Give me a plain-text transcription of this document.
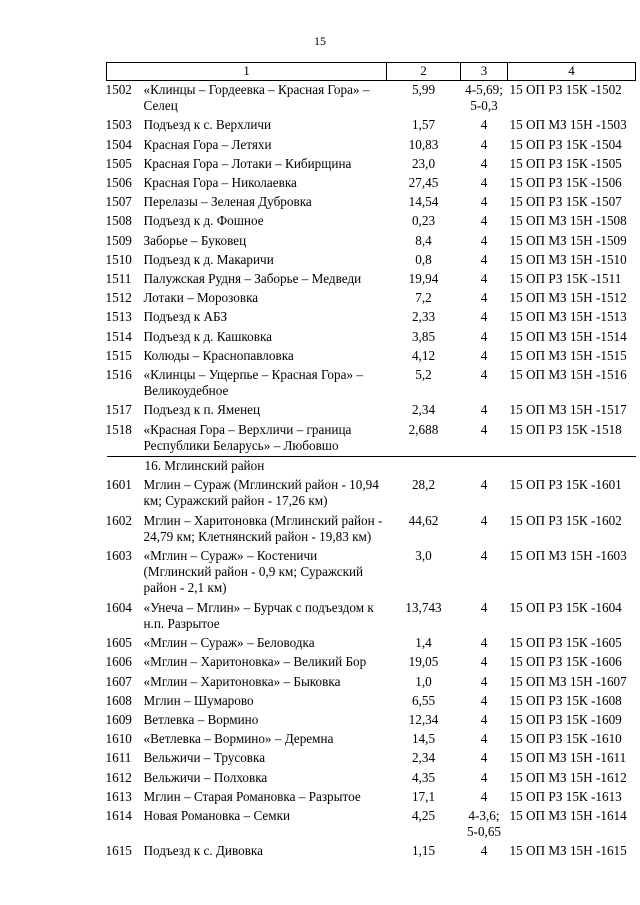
15
1	2	3	4

1502 «Клинцы – Гордеевка – Красная Гора» – Селец	5,99	4-5,69; 5-0,3	15 ОП РЗ 15К -1502

1503 Подъезд к с. Верхличи	1,57	4	15 ОП МЗ 15Н -1503

1504 Красная Гора – Летяхи	10,83	4	15 ОП РЗ 15К -1504

1505 Красная Гора – Лотаки – Кибирщина	23,0	4	15 ОП РЗ 15К -1505

1506 Красная Гора – Николаевка	27,45	4	15 ОП РЗ 15К -1506

1507 Перелазы – Зеленая Дубровка	14,54	4	15 ОП РЗ 15К -1507

1508 Подъезд к д. Фошное	0,23	4	15 ОП МЗ 15Н -1508

1509 Заборье – Буковец	8,4	4	15 ОП МЗ 15Н -1509

1510 Подъезд к д. Макаричи	0,8	4	15 ОП МЗ 15Н -1510

1511 Палужская Рудня – Заборье – Медведи	19,94	4	15 ОП РЗ 15К -1511

1512 Лотаки – Морозовка	7,2	4	15 ОП МЗ 15Н -1512

1513 Подъезд к АБЗ	2,33	4	15 ОП МЗ 15Н -1513

1514 Подъезд к д. Кашковка	3,85	4	15 ОП МЗ 15Н -1514

1515 Колюды – Краснопавловка	4,12	4	15 ОП МЗ 15Н -1515

1516 «Клинцы – Ущерпье – Красная Гора» – Великоудебное	5,2	4	15 ОП МЗ 15Н -1516

1517 Подъезд к п. Яменец	2,34	4	15 ОП МЗ 15Н -1517

1518 «Красная Гора – Верхличи – граница Республики Беларусь» – Любовшо	2,688	4	15 ОП РЗ 15К -1518
16. Мглинский район			

1601 Мглин – Сураж (Мглинский район - 10,94 км; Суражский район - 17,26 км)	28,2	4	15 ОП РЗ 15К -1601

1602 Мглин – Харитоновка (Мглинский район - 24,79 км; Клетнянский район - 19,83 км)	44,62	4	15 ОП РЗ 15К -1602

1603 «Мглин – Сураж» – Костеничи (Мглинский район - 0,9 км; Суражский район - 2,1 км)	3,0	4	15 ОП МЗ 15Н -1603

1604 «Унеча – Мглин» – Бурчак с подъездом к н.п. Разрытое	13,743	4	15 ОП РЗ 15К -1604

1605 «Мглин – Сураж» – Беловодка	1,4	4	15 ОП РЗ 15К -1605

1606 «Мглин – Харитоновка» – Великий Бор	19,05	4	15 ОП РЗ 15К -1606

1607 «Мглин – Харитоновка» – Быковка	1,0	4	15 ОП МЗ 15Н -1607

1608 Мглин – Шумарово	6,55	4	15 ОП РЗ 15К -1608

1609 Ветлевка – Вормино	12,34	4	15 ОП РЗ 15К -1609

1610 «Ветлевка – Вормино» – Деремна	14,5	4	15 ОП РЗ 15К -1610

1611 Вельжичи – Трусовка	2,34	4	15 ОП МЗ 15Н -1611

1612 Вельжичи – Полховка	4,35	4	15 ОП МЗ 15Н -1612

1613 Мглин – Старая Романовка – Разрытое	17,1	4	15 ОП РЗ 15К -1613

1614 Новая Романовка – Семки	4,25	4-3,6; 5-0,65	15 ОП МЗ 15Н -1614

1615 Подъезд к с. Дивовка	1,15	4	15 ОП МЗ 15Н -1615
